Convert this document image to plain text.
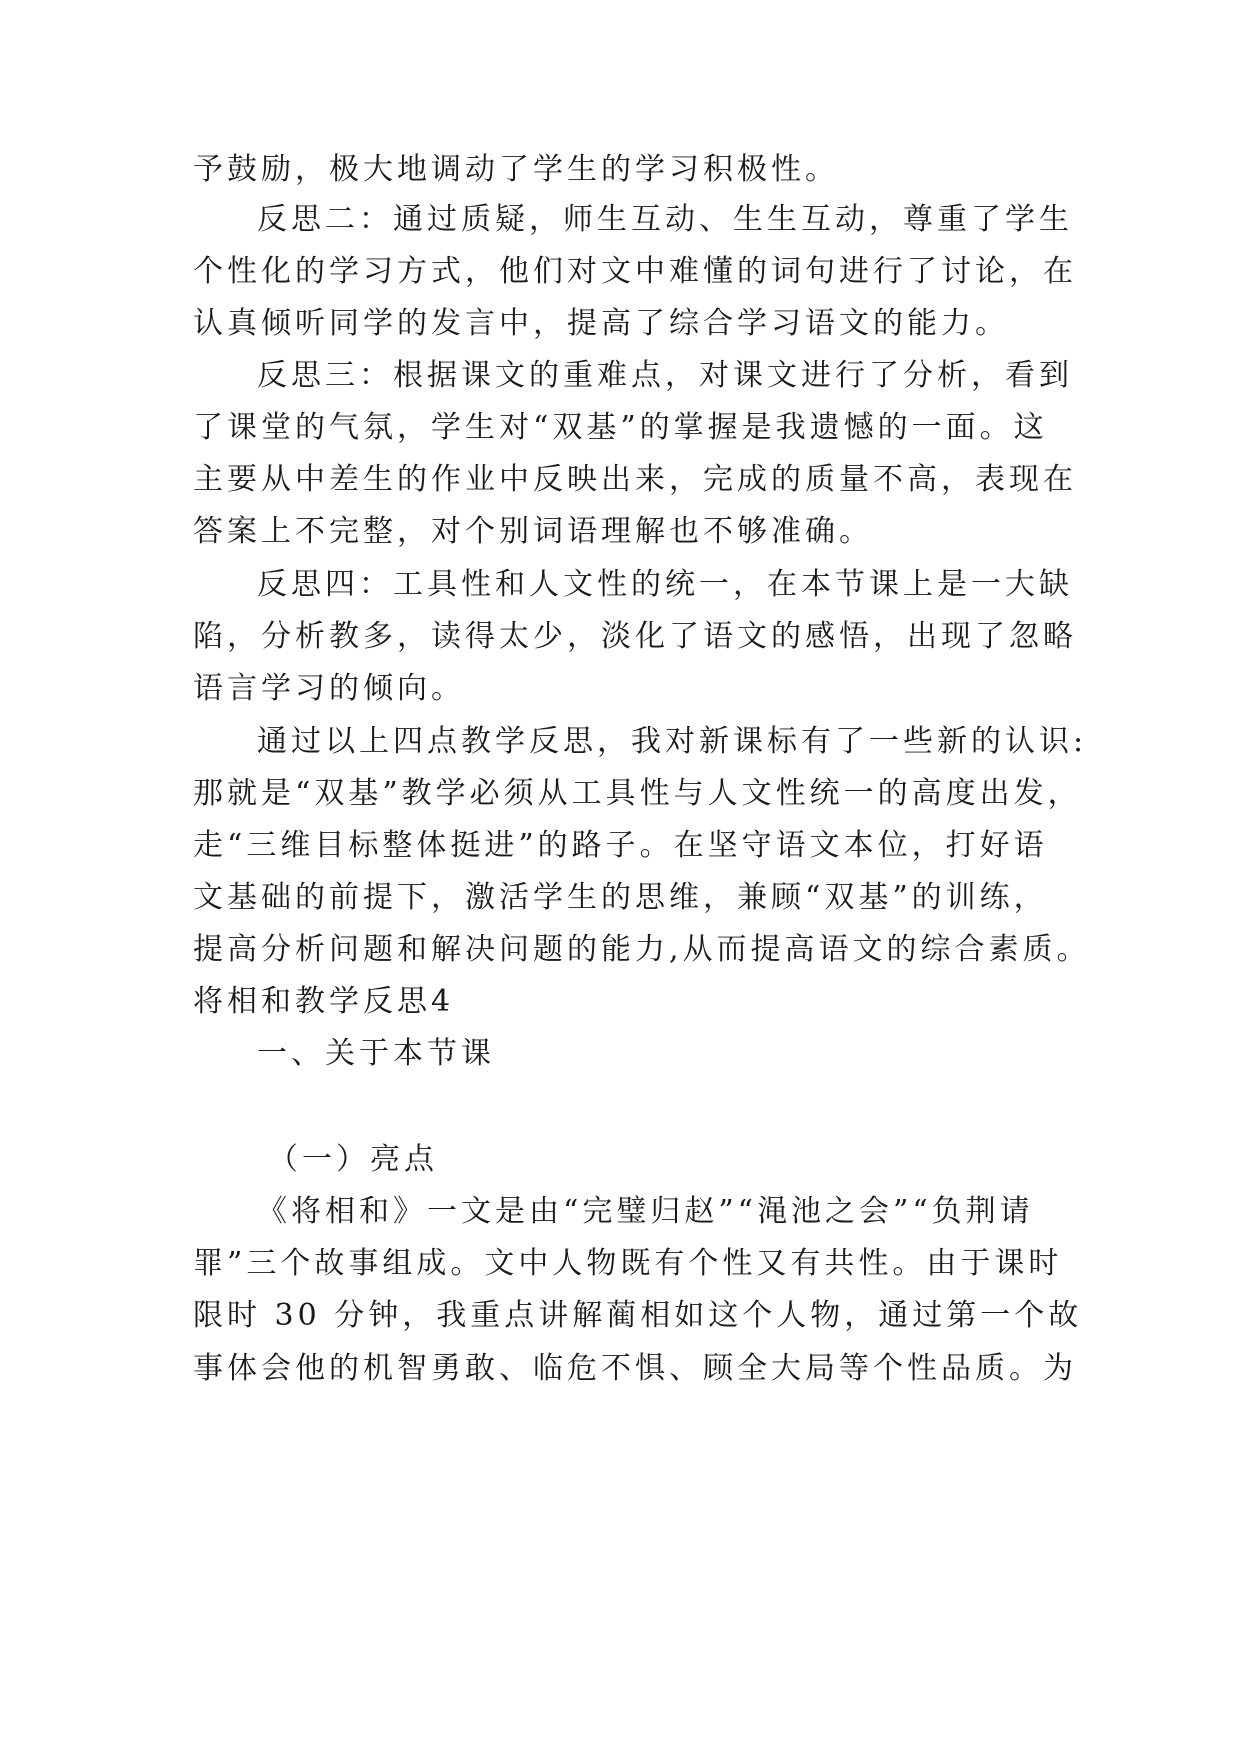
予鼓励，极大地调动了学生的学习积极性。
反思二：通过质疑，师生互动、生生互动，尊重了学生
个性化的学习方式，他们对文中难懂的词句进行了讨论，在
认真倾听同学的发言中，提高了综合学习语文的能力。
反思三：根据课文的重难点，对课文进行了分析，看到
了课堂的气氛，学生对“双基”的掌握是我遗憾的一面。这
主要从中差生的作业中反映出来，完成的质量不高，表现在
答案上不完整，对个别词语理解也不够准确。
反思四：工具性和人文性的统一，在本节课上是一大缺
陷，分析教多，读得太少，淡化了语文的感悟，出现了忽略
语言学习的倾向。
通过以上四点教学反思，我对新课标有了一些新的认识:
那就是“双基”教学必须从工具性与人文性统一的高度出发，
走“三维目标整体挺进”的路子。在坚守语文本位，打好语
文基础的前提下，激活学生的思维，兼顾“双基”的训练，
提高分析问题和解决问题的能力,从而提高语文的综合素质。
将相和教学反思4
一、关于本节课
（一）亮点
《将相和》一文是由“完璧归赵”“渑池之会”“负荆请
罪”三个故事组成。文中人物既有个性又有共性。由于课时
限时 30 分钟，我重点讲解蔺相如这个人物，通过第一个故
事体会他的机智勇敢、临危不惧、顾全大局等个性品质。为
